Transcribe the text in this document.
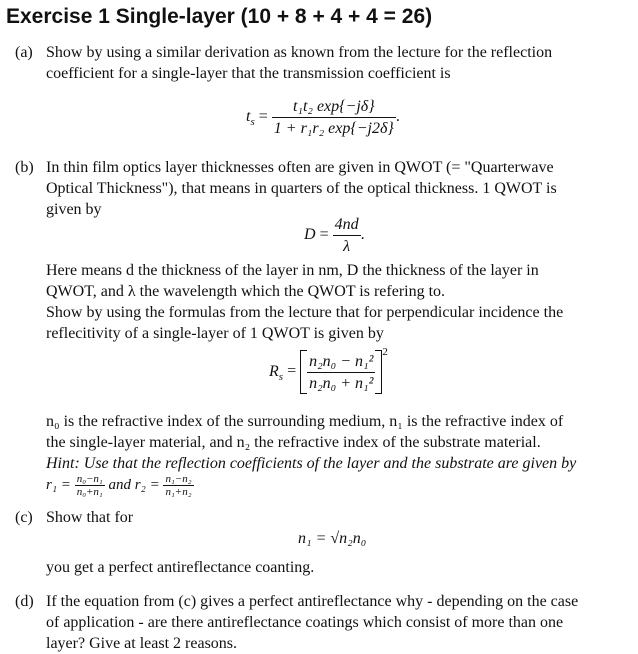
Exercise 1 Single-layer (10 + 8 + 4 + 4 = 26)
(a) Show by using a similar derivation as known from the lecture for the reflection
coefficient for a single-layer that the transmission coefficient is
$t_s = \frac{\text{t₁t₂ exp\{−jδ\}}}{\text{1 + r₁r₂ exp\{−j2δ\}}}$ .
(b) In thin film optics layer thicknesses often are given in QWOT (= "Quarterwave
Optical Thickness"), that means in quarters of the optical thickness. 1 QWOT is
given by
$D = \frac{4nd}{\lambda}$ .
Here means d the thickness of the layer in nm, D the thickness of the layer in
QWOT, and λ the wavelength which the QWOT is refering to.
Show by using the formulas from the lecture that for perpendicular incidence the
reflecitivity of a single-layer of 1 QWOT is given by
$R_s = \frac{\text{n₂n₀ − n₁²}}{\text{n₂n₀ + n₁²}} ^2$
n₀ is the refractive index of the surrounding medium, n₁ is the refractive index of
the single-layer material, and n₂ the refractive index of the substrate material.
Hint: Use that the reflection coefficients of the layer and the substrate are given by
$r_1 = \frac{\text{n₀−n₁}}{\text{n₀+n₁}}$ and $r_2 = \frac{\text{n₁−n₂}}{\text{n₁+n₂}}$
(c) Show that for
n₁ = √n₂n₀
you get a perfect antireflectance coanting.
(d) If the equation from (c) gives a perfect antireflectance why - depending on the case
of application - are there antireflectance coatings which consist of more than one
layer? Give at least 2 reasons.
